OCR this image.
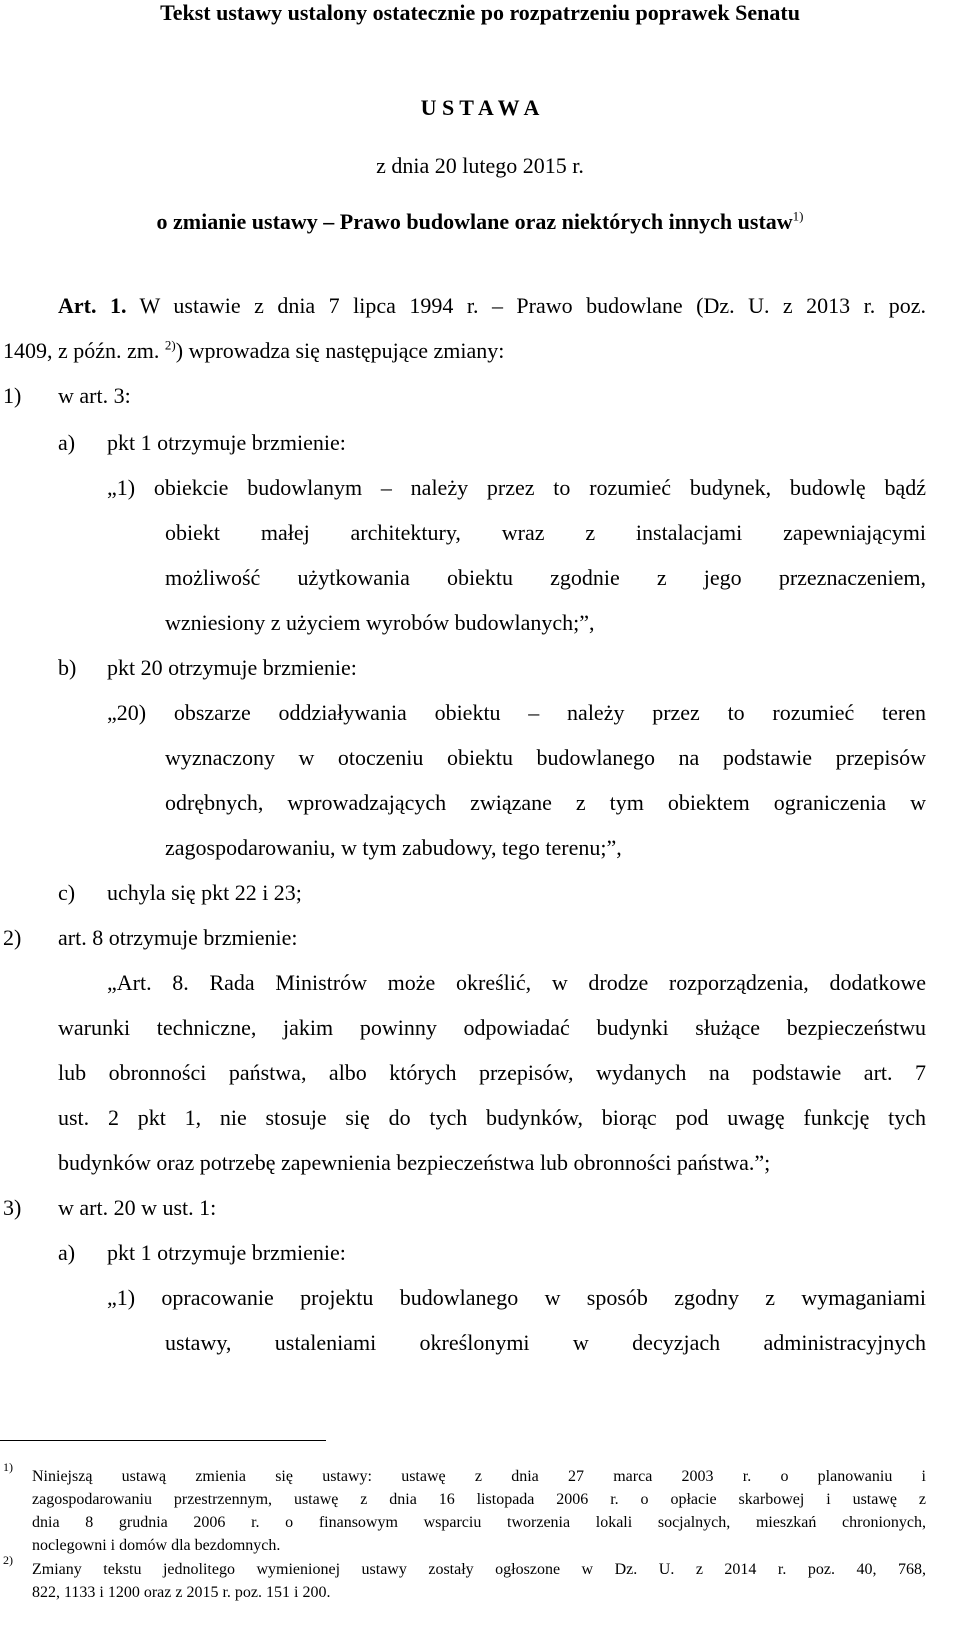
Tekst ustawy ustalony ostatecznie po rozpatrzeniu poprawek Senatu
U S T A W A
z dnia 20 lutego 2015 r.
o zmianie ustawy – Prawo budowlane oraz niektórych innych ustaw$^{1)}$
Art. 1. W ustawie z dnia 7 lipca 1994 r. – Prawo budowlane (Dz. U. z 2013 r. poz.
1409, z późn. zm. $^{2)}$) wprowadza się następujące zmiany:
1) w art. 3:
a) pkt 1 otrzymuje brzmienie:
„1) obiekcie budowlanym – należy przez to rozumieć budynek, budowlę bądź
obiekt małej architektury, wraz z instalacjami zapewniającymi
możliwość użytkowania obiektu zgodnie z jego przeznaczeniem,
wzniesiony z użyciem wyrobów budowlanych;”,
b) pkt 20 otrzymuje brzmienie:
„20) obszarze oddziaływania obiektu – należy przez to rozumieć teren
wyznaczony w otoczeniu obiektu budowlanego na podstawie przepisów
odrębnych, wprowadzających związane z tym obiektem ograniczenia w
zagospodarowaniu, w tym zabudowy, tego terenu;”,
c) uchyla się pkt 22 i 23;
2) art. 8 otrzymuje brzmienie:
„Art. 8. Rada Ministrów może określić, w drodze rozporządzenia, dodatkowe
warunki techniczne, jakim powinny odpowiadać budynki służące bezpieczeństwu
lub obronności państwa, albo których przepisów, wydanych na podstawie art. 7
ust. 2 pkt 1, nie stosuje się do tych budynków, biorąc pod uwagę funkcję tych
budynków oraz potrzebę zapewnienia bezpieczeństwa lub obronności państwa.”;
3) w art. 20 w ust. 1:
a) pkt 1 otrzymuje brzmienie:
„1) opracowanie projektu budowlanego w sposób zgodny z wymaganiami
ustawy, ustaleniami określonymi w decyzjach administracyjnych
1)
Niniejszą ustawą zmienia się ustawy: ustawę z dnia 27 marca 2003 r. o planowaniu i
zagospodarowaniu przestrzennym, ustawę z dnia 16 listopada 2006 r. o opłacie skarbowej i ustawę z
dnia 8 grudnia 2006 r. o finansowym wsparciu tworzenia lokali socjalnych, mieszkań chronionych,
noclegowni i domów dla bezdomnych.
2)
Zmiany tekstu jednolitego wymienionej ustawy zostały ogłoszone w Dz. U. z 2014 r. poz. 40, 768,
822, 1133 i 1200 oraz z 2015 r. poz. 151 i 200.
